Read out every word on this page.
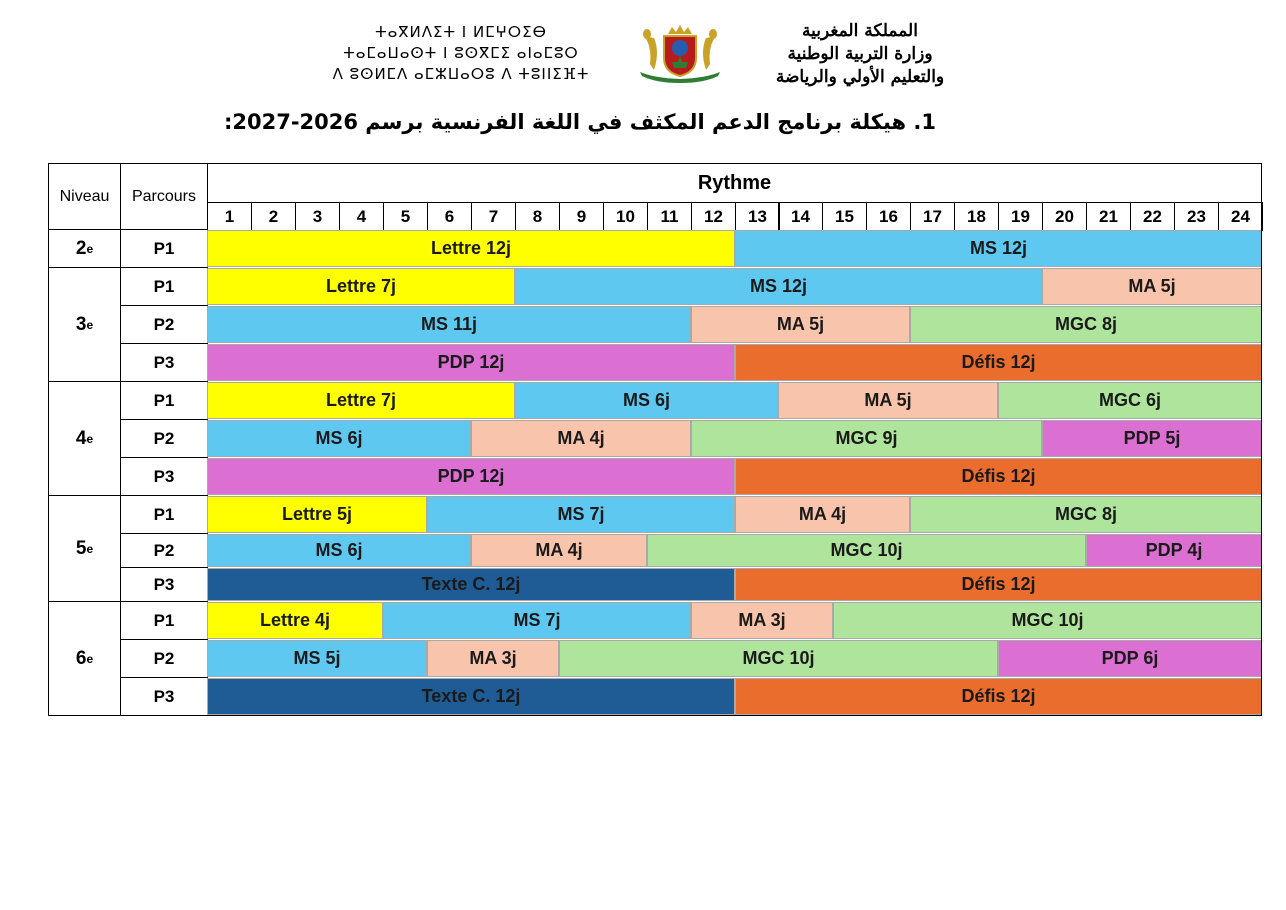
ⵜⴰⴳⵍⴷⵉⵜ ⵏ ⵍⵎⵖⵔⵉⴱ
ⵜⴰⵎⴰⵡⴰⵙⵜ ⵏ ⵓⵙⴳⵎⵉ ⴰⵏⴰⵎⵓⵔ
ⴷ ⵓⵙⵍⵎⴷ ⴰⵎⵣⵡⴰⵔⵓ ⴷ ⵜⵓⵏⵏⵉⴼⵜ
المملكة المغربية
وزارة التربية الوطنية
والتعليم الأولي والرياضة
1. هيكلة برنامج الدعم المكثف في اللغة الفرنسية برسم 2026-2027:
Niveau	Parcours
Rythme
1	2	3	4	5	6	7	8	9	10	11	12	13	14	15	16	17	18	19	20	21	22	23	24
P1	Lettre 12j	MS 12j
2 e
P1	Lettre 7j	MS 12j	MA 5j
P2	MS 11j	MA 5j	MGC 8j
P3	PDP 12j	Défis 12j
3 e
P1	Lettre 7j	MS 6j	MA 5j	MGC 6j
P2	MS 6j	MA 4j	MGC 9j	PDP 5j
P3	PDP 12j	Défis 12j
4 e
P1	Lettre 5j	MS 7j	MA 4j	MGC 8j
P2	MS 6j	MA 4j	MGC 10j	PDP 4j
P3	Texte C. 12j	Défis 12j
5 e
P1	Lettre 4j	MS 7j	MA 3j	MGC 10j
P2	MS 5j	MA 3j	MGC 10j	PDP 6j
P3	Texte C. 12j	Défis 12j
6 e
